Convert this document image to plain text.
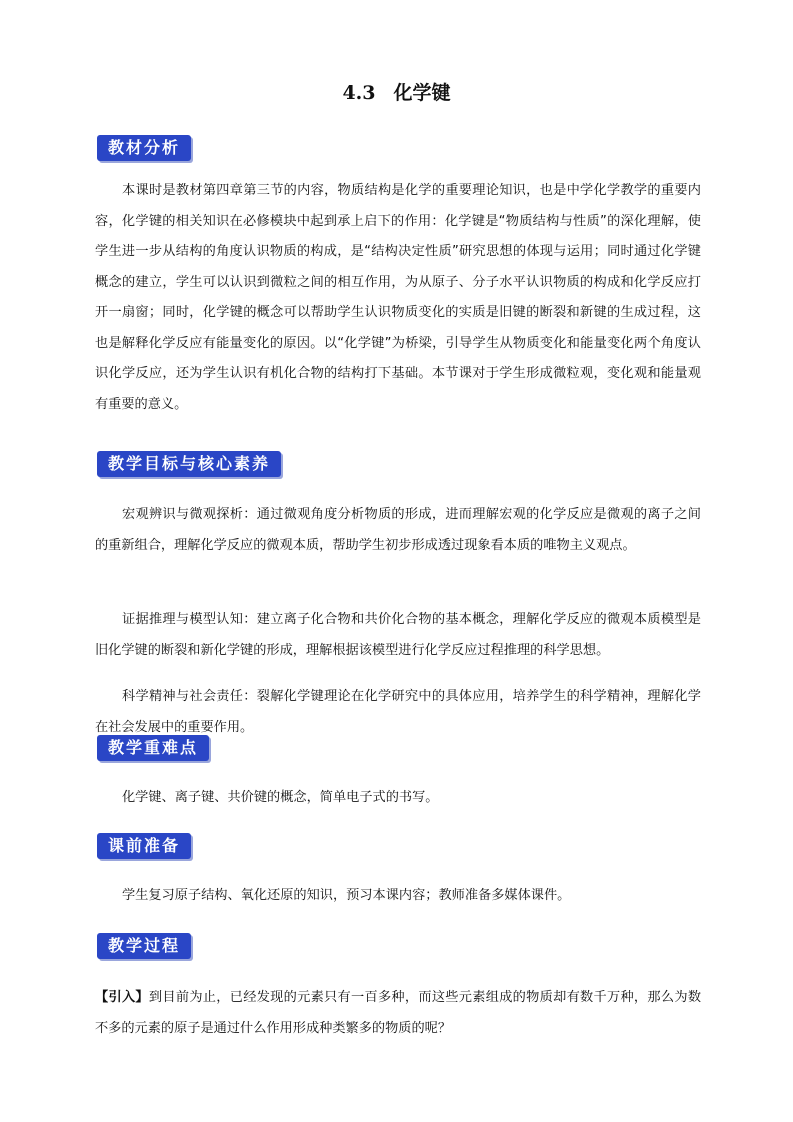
4.3 化学键
教材分析
本课时是教材第四章第三节的内容，物质结构是化学的重要理论知识，也是中学化学教学的重要内容，化学键的相关知识在必修模块中起到承上启下的作用：化学键是“物质结构与性质”的深化理解，使学生进一步从结构的角度认识物质的构成，是“结构决定性质”研究思想的体现与运用；同时通过化学键概念的建立，学生可以认识到微粒之间的相互作用，为从原子、分子水平认识物质的构成和化学反应打开一扇窗；同时，化学键的概念可以帮助学生认识物质变化的实质是旧键的断裂和新键的生成过程，这也是解释化学反应有能量变化的原因。以“化学键”为桥梁，引导学生从物质变化和能量变化两个角度认识化学反应，还为学生认识有机化合物的结构打下基础。本节课对于学生形成微粒观，变化观和能量观有重要的意义。
教学目标与核心素养
宏观辨识与微观探析：通过微观角度分析物质的形成，进而理解宏观的化学反应是微观的离子之间的重新组合，理解化学反应的微观本质，帮助学生初步形成透过现象看本质的唯物主义观点。
证据推理与模型认知：建立离子化合物和共价化合物的基本概念，理解化学反应的微观本质模型是旧化学键的断裂和新化学键的形成，理解根据该模型进行化学反应过程推理的科学思想。
科学精神与社会责任：裂解化学键理论在化学研究中的具体应用，培养学生的科学精神，理解化学在社会发展中的重要作用。
教学重难点
化学键、离子键、共价键的概念，简单电子式的书写。
课前准备
学生复习原子结构、氧化还原的知识，预习本课内容；教师准备多媒体课件。
教学过程
【引入】到目前为止，已经发现的元素只有一百多种，而这些元素组成的物质却有数千万种，那么为数不多的元素的原子是通过什么作用形成种类繁多的物质的呢？
